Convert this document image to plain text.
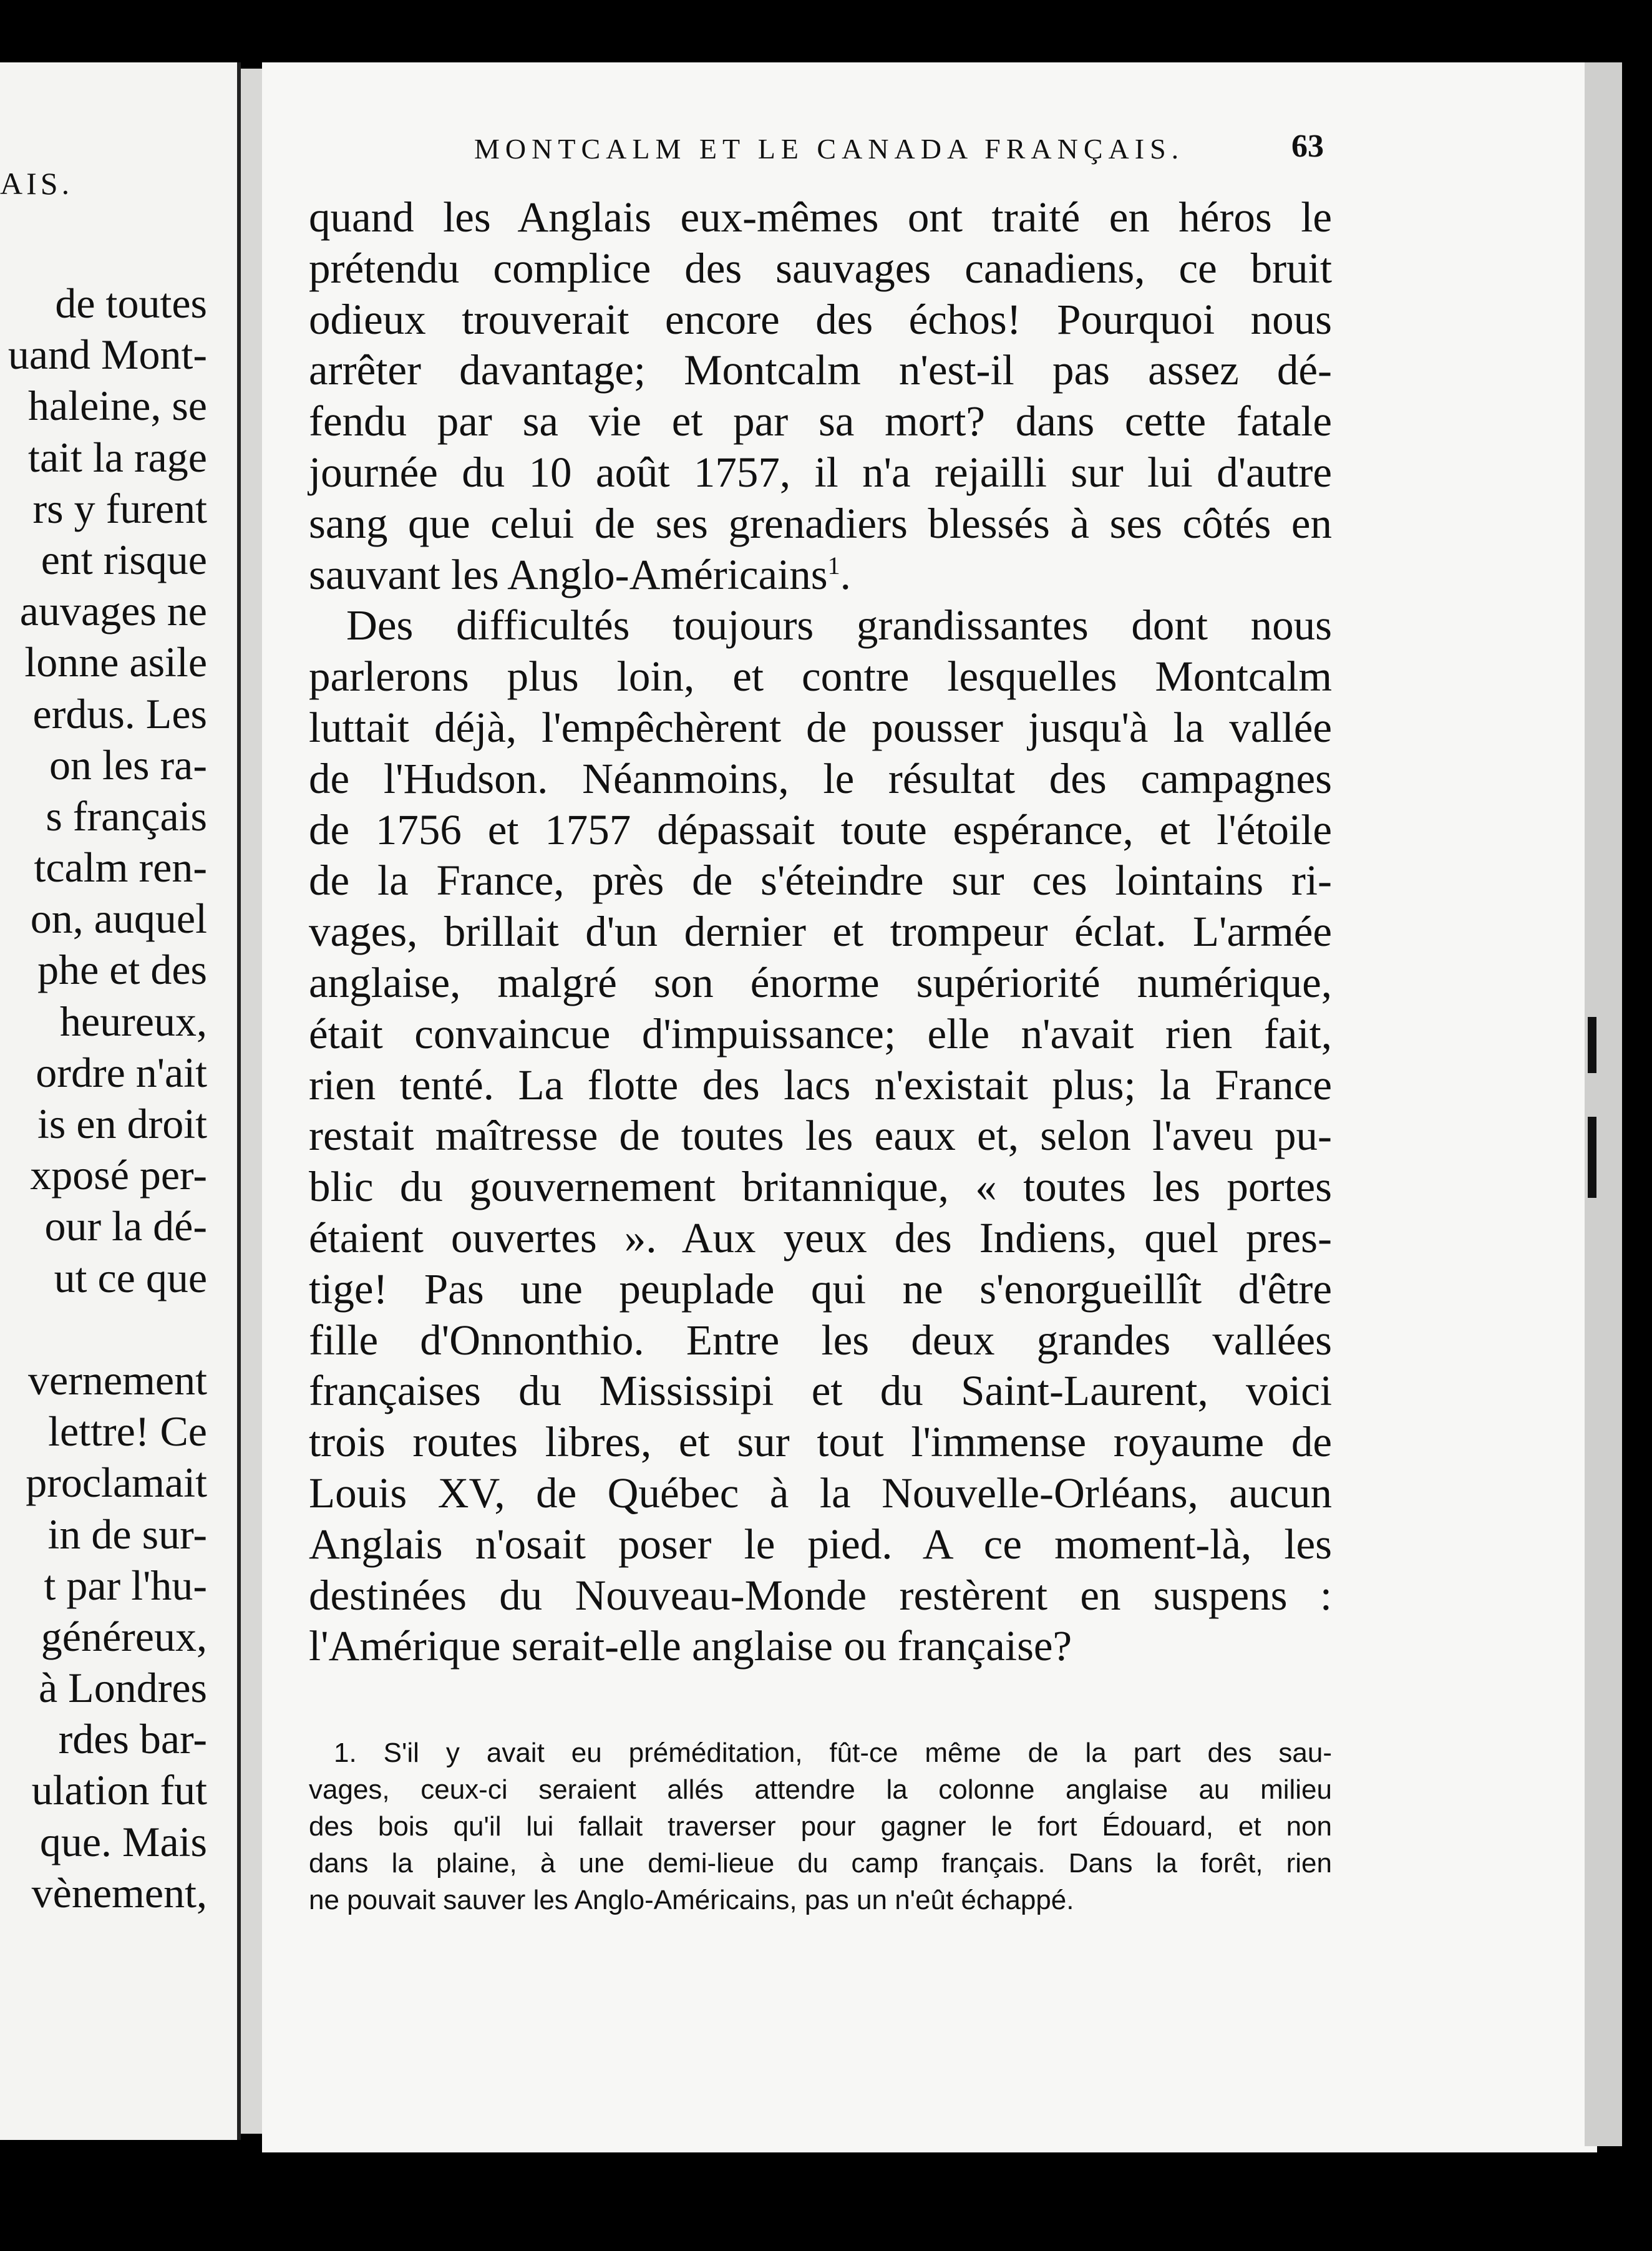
AIS.
de toutes
uand Mont-
haleine, se
tait la rage
rs y furent
ent risque
auvages ne
lonne asile
erdus. Les
on les ra-
s français
tcalm ren-
on, auquel
phe et des
heureux,
ordre n'ait
is en droit
xposé per-
our la dé-
ut ce que
vernement
lettre! Ce
proclamait
in de sur-
t par l'hu-
généreux,
à Londres
rdes bar-
ulation fut
que. Mais
vènement,
MONTCALM ET LE CANADA FRANÇAIS.	63
quand les Anglais eux-mêmes ont traité en héros le
prétendu complice des sauvages canadiens, ce bruit
odieux trouverait encore des échos! Pourquoi nous
arrêter davantage; Montcalm n'est-il pas assez dé-
fendu par sa vie et par sa mort? dans cette fatale
journée du 10 août 1757, il n'a rejailli sur lui d'autre
sang que celui de ses grenadiers blessés à ses côtés en
sauvant les Anglo-Américains$^1$.
Des difficultés toujours grandissantes dont nous
parlerons plus loin, et contre lesquelles Montcalm
luttait déjà, l'empêchèrent de pousser jusqu'à la vallée
de l'Hudson. Néanmoins, le résultat des campagnes
de 1756 et 1757 dépassait toute espérance, et l'étoile
de la France, près de s'éteindre sur ces lointains ri-
vages, brillait d'un dernier et trompeur éclat. L'armée
anglaise, malgré son énorme supériorité numérique,
était convaincue d'impuissance; elle n'avait rien fait,
rien tenté. La flotte des lacs n'existait plus; la France
restait maîtresse de toutes les eaux et, selon l'aveu pu-
blic du gouvernement britannique, « toutes les portes
étaient ouvertes ». Aux yeux des Indiens, quel pres-
tige! Pas une peuplade qui ne s'enorgueillît d'être
fille d'Onnonthio. Entre les deux grandes vallées
françaises du Mississipi et du Saint-Laurent, voici
trois routes libres, et sur tout l'immense royaume de
Louis XV, de Québec à la Nouvelle-Orléans, aucun
Anglais n'osait poser le pied. A ce moment-là, les
destinées du Nouveau-Monde restèrent en suspens :
l'Amérique serait-elle anglaise ou française?
1. S'il y avait eu préméditation, fût-ce même de la part des sau-
vages, ceux-ci seraient allés attendre la colonne anglaise au milieu
des bois qu'il lui fallait traverser pour gagner le fort Édouard, et non
dans la plaine, à une demi-lieue du camp français. Dans la forêt, rien
ne pouvait sauver les Anglo-Américains, pas un n'eût échappé.
